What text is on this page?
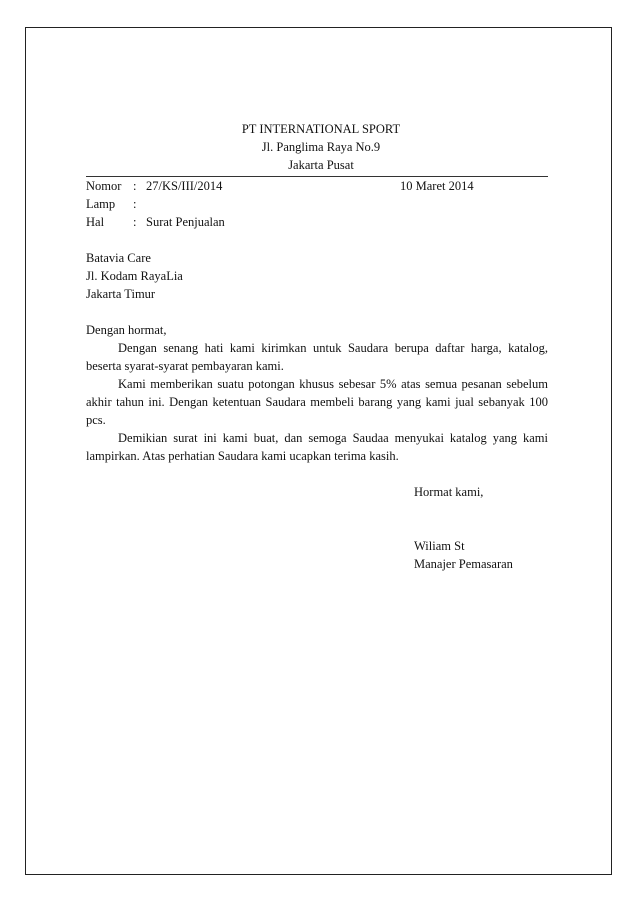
PT INTERNATIONAL SPORT
Jl. Panglima Raya No.9
Jakarta Pusat
Nomor : 27/KS/III/2014	10 Maret 2014
Lamp :
Hal : Surat Penjualan
Batavia Care
Jl. Kodam RayaLia
Jakarta Timur
Dengan hormat,

Dengan senang hati kami kirimkan untuk Saudara berupa daftar harga, katalog, beserta syarat-syarat pembayaran kami.

Kami memberikan suatu potongan khusus sebesar 5% atas semua pesanan sebelum akhir tahun ini. Dengan ketentuan Saudara membeli barang yang kami jual sebanyak 100 pcs.

Demikian surat ini kami buat, dan semoga Saudaa menyukai katalog yang kami lampirkan. Atas perhatian Saudara kami ucapkan terima kasih.

Hormat kami,
Wiliam St
Manajer Pemasaran
